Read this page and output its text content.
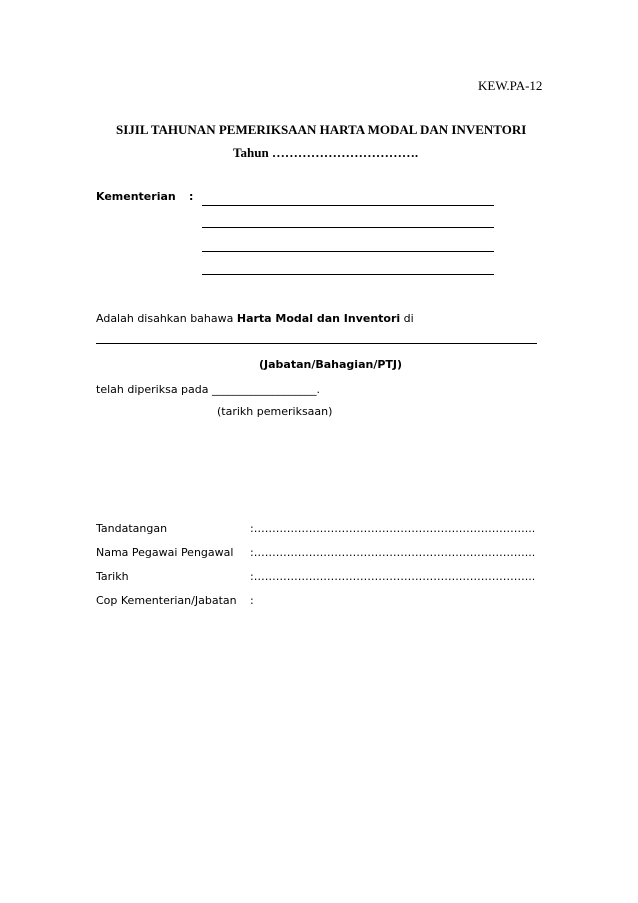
KEW.PA-12
SIJIL TAHUNAN PEMERIKSAAN HARTA MODAL DAN INVENTORI
Tahun …………………………….
Kementerian :
Adalah disahkan bahawa Harta Modal dan Inventori di
(Jabatan/Bahagian/PTJ)
telah diperiksa pada ___________________.
(tarikh pemeriksaan)
Tandatangan	:……………….……………………………….………………...
Nama Pegawai Pengawal :……………….……………………………….………………...
Tarikh	:……………….……………………………….………………...
Cop Kementerian/Jabatan :
